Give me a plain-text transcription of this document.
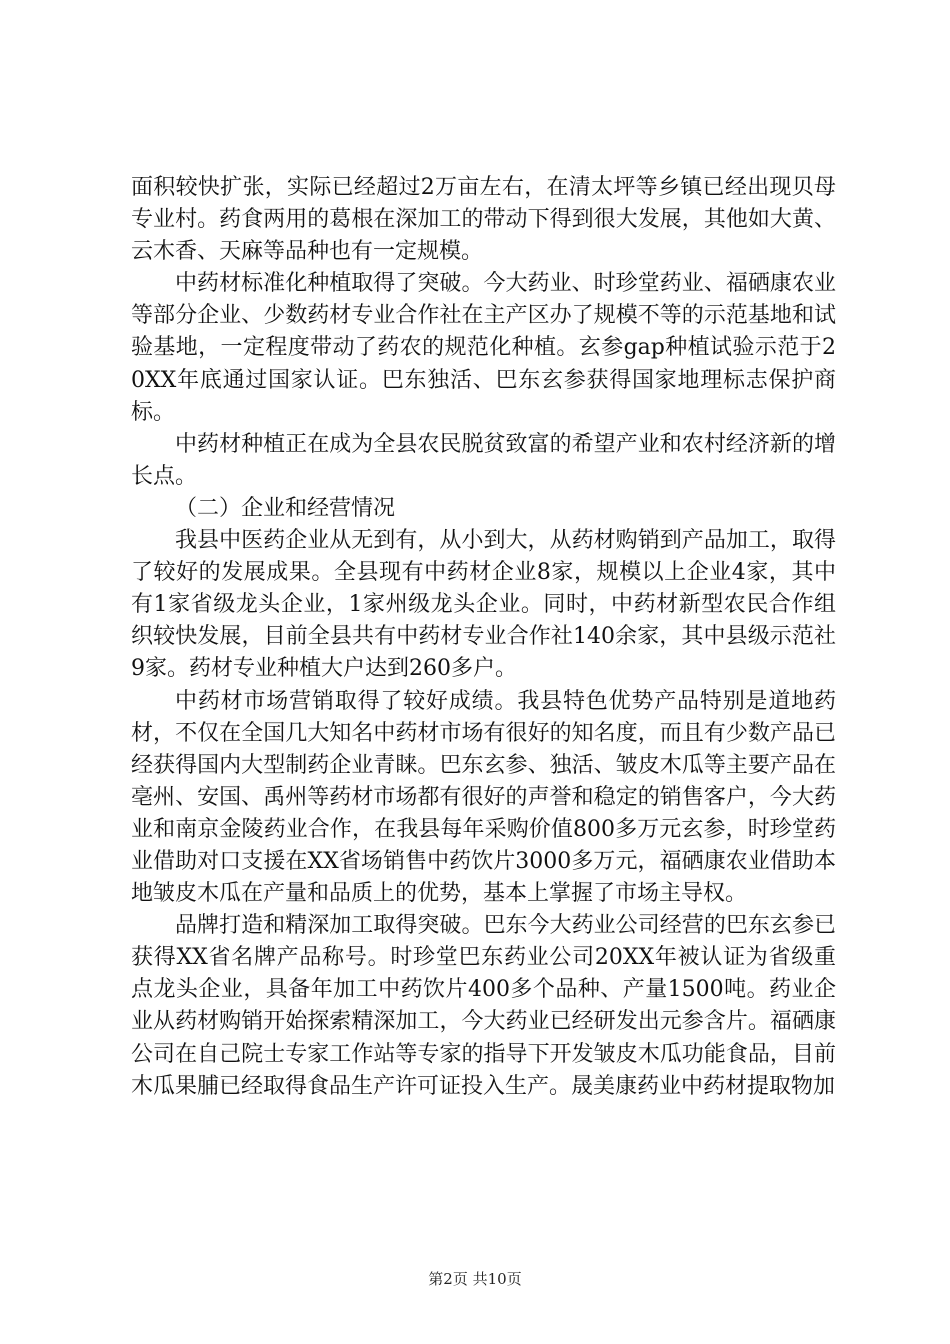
面积较快扩张，实际已经超过2万亩左右，在清太坪等乡镇已经出现贝母专业村。药食两用的葛根在深加工的带动下得到很大发展，其他如大黄、云木香、天麻等品种也有一定规模。

中药材标准化种植取得了突破。今大药业、时珍堂药业、福硒康农业等部分企业、少数药材专业合作社在主产区办了规模不等的示范基地和试验基地，一定程度带动了药农的规范化种植。玄参gap种植试验示范于20XX年底通过国家认证。巴东独活、巴东玄参获得国家地理标志保护商标。

中药材种植正在成为全县农民脱贫致富的希望产业和农村经济新的增长点。

（二）企业和经营情况

我县中医药企业从无到有，从小到大，从药材购销到产品加工，取得了较好的发展成果。全县现有中药材企业8家，规模以上企业4家，其中有1家省级龙头企业，1家州级龙头企业。同时，中药材新型农民合作组织较快发展，目前全县共有中药材专业合作社140余家，其中县级示范社9家。药材专业种植大户达到260多户。

中药材市场营销取得了较好成绩。我县特色优势产品特别是道地药材，不仅在全国几大知名中药材市场有很好的知名度，而且有少数产品已经获得国内大型制药企业青睐。巴东玄参、独活、皱皮木瓜等主要产品在亳州、安国、禹州等药材市场都有很好的声誉和稳定的销售客户，今大药业和南京金陵药业合作，在我县每年采购价值800多万元玄参，时珍堂药业借助对口支援在XX省场销售中药饮片3000多万元，福硒康农业借助本地皱皮木瓜在产量和品质上的优势，基本上掌握了市场主导权。

品牌打造和精深加工取得突破。巴东今大药业公司经营的巴东玄参已获得XX省名牌产品称号。时珍堂巴东药业公司20XX年被认证为省级重点龙头企业，具备年加工中药饮片400多个品种、产量1500吨。药业企业从药材购销开始探索精深加工，今大药业已经研发出元参含片。福硒康公司在自己院士专家工作站等专家的指导下开发皱皮木瓜功能食品，目前木瓜果脯已经取得食品生产许可证投入生产。晟美康药业中药材提取物加

第2页 共10页
